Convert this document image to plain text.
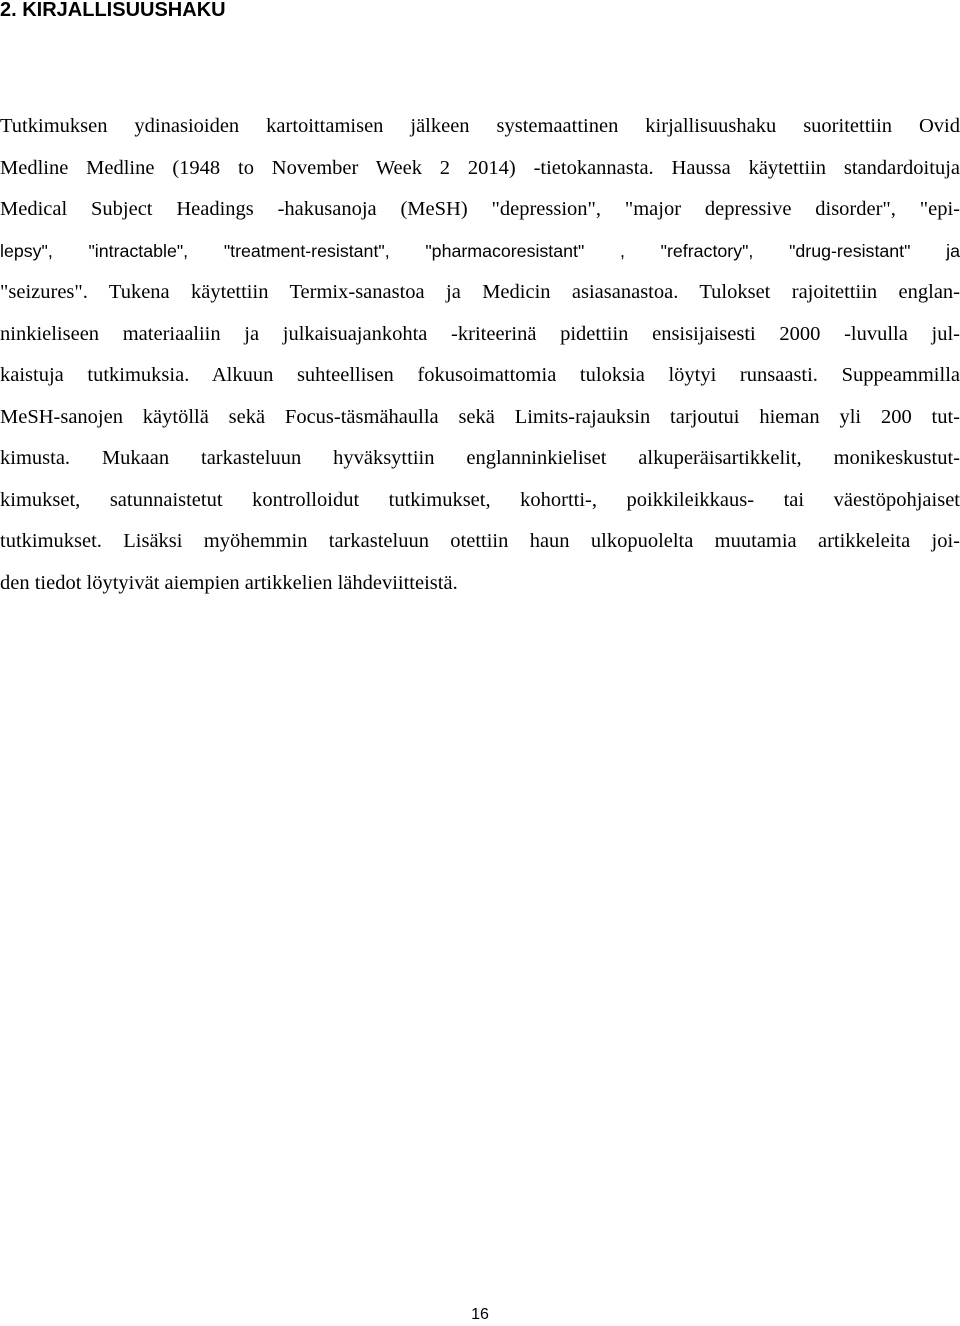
2. KIRJALLISUUSHAKU
Tutkimuksen ydinasioiden kartoittamisen jälkeen systemaattinen kirjallisuushaku suoritettiin Ovid
Medline Medline (1948 to November Week 2 2014) -tietokannasta. Haussa käytettiin standardoituja
Medical Subject Headings -hakusanoja (MeSH) "depression", "major depressive disorder", "epi-
lepsy", "intractable", "treatment-resistant", "pharmacoresistant" , "refractory", "drug-resistant" ja
"seizures". Tukena käytettiin Termix-sanastoa ja Medicin asiasanastoa. Tulokset rajoitettiin englan-
ninkieliseen materiaaliin ja julkaisuajankohta -kriteerinä pidettiin ensisijaisesti 2000 -luvulla jul-
kaistuja tutkimuksia. Alkuun suhteellisen fokusoimattomia tuloksia löytyi runsaasti. Suppeammilla
MeSH-sanojen käytöllä sekä Focus-täsmähaulla sekä Limits-rajauksin tarjoutui hieman yli 200 tut-
kimusta. Mukaan tarkasteluun hyväksyttiin englanninkieliset alkuperäisartikkelit, monikeskustut-
kimukset, satunnaistetut kontrolloidut tutkimukset, kohortti-, poikkileikkaus- tai väestöpohjaiset
tutkimukset. Lisäksi myöhemmin tarkasteluun otettiin haun ulkopuolelta muutamia artikkeleita joi-
den tiedot löytyivät aiempien artikkelien lähdeviitteistä.
16
